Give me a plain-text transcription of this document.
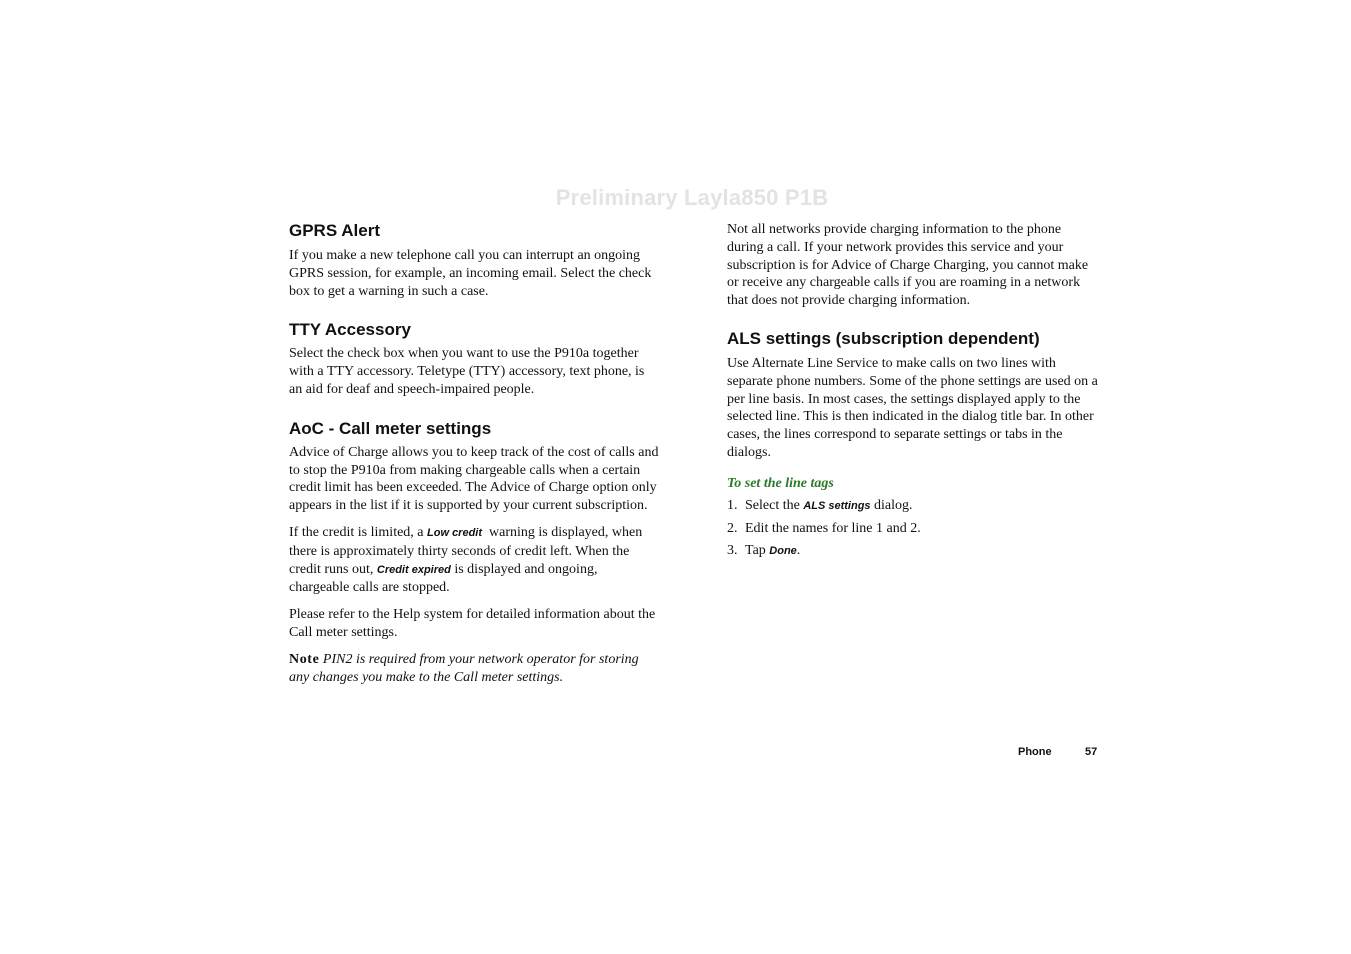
Preliminary Layla850 P1B
GPRS Alert

If you make a new telephone call you can interrupt an ongoing GPRS session, for example, an incoming email. Select the check box to get a warning in such a case.

TTY Accessory

Select the check box when you want to use the P910a together with a TTY accessory. Teletype (TTY) accessory, text phone, is an aid for deaf and speech-impaired people.

AoC - Call meter settings

Advice of Charge allows you to keep track of the cost of calls and to stop the P910a from making chargeable calls when a certain credit limit has been exceeded. The Advice of Charge option only appears in the list if it is supported by your current subscription.

If the credit is limited, a Low credit  warning is displayed, when there is approximately thirty seconds of credit left. When the credit runs out, Credit expired is displayed and ongoing, chargeable calls are stopped.

Please refer to the Help system for detailed information about the Call meter settings.

Note PIN2 is required from your network operator for storing any changes you make to the Call meter settings.

Not all networks provide charging information to the phone during a call. If your network provides this service and your subscription is for Advice of Charge Charging, you cannot make or receive any chargeable calls if you are roaming in a network that does not provide charging information.

ALS settings (subscription dependent)

Use Alternate Line Service to make calls on two lines with separate phone numbers. Some of the phone settings are used on a per line basis. In most cases, the settings displayed apply to the selected line. This is then indicated in the dialog title bar. In other cases, the lines correspond to separate settings or tabs in the dialogs.

To set the line tags
1. Select the ALS settings dialog.
2. Edit the names for line 1 and 2.
3. Tap Done.
Phone	57
